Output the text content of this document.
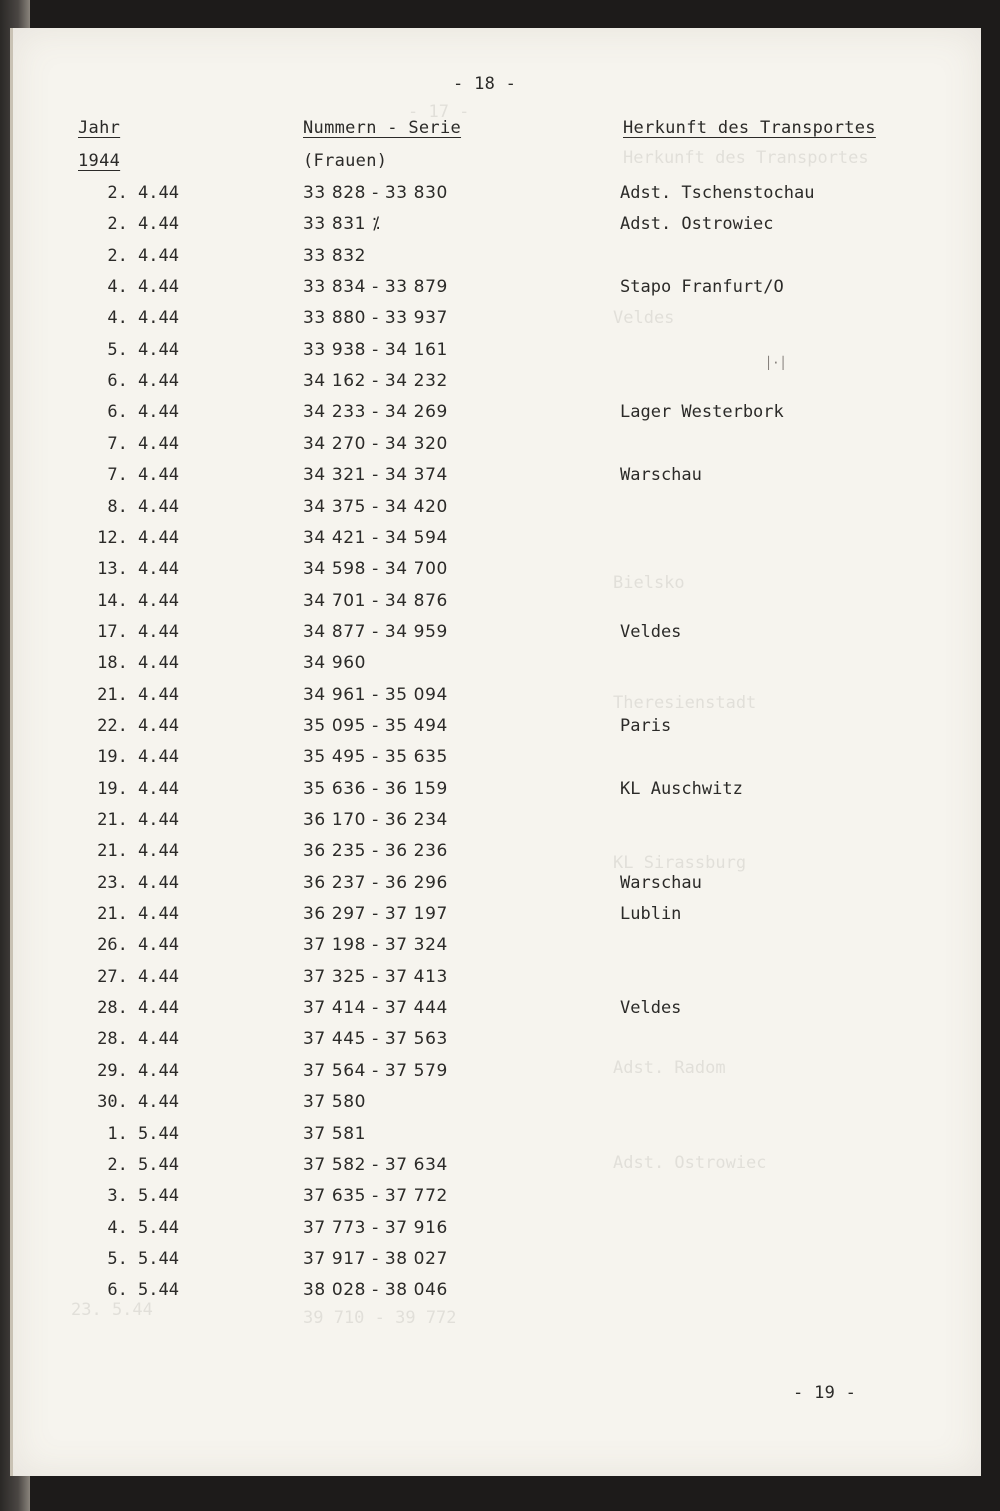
- 17 -
Herkunft des Transportes
Veldes
Bielsko
Theresienstadt
KL Sirassburg
Adst. Radom
Adst. Ostrowiec
23. 5.44	39 710 - 39 772
- 18 -
Jahr	Nummern - Serie	Herkunft des Transportes
1944	(Frauen)
2. 4.44	33 828 - 33 830	Adst. Tschenstochau
2. 4.44	33 831 ⁒	Adst. Ostrowiec
2. 4.44	33 832
4. 4.44	33 834 - 33 879	Stapo Franfurt/O
4. 4.44	33 880 - 33 937
5. 4.44	33 938 - 34 161
6. 4.44	34 162 - 34 232
6. 4.44	34 233 - 34 269	Lager Westerbork
7. 4.44	34 270 - 34 320
7. 4.44	34 321 - 34 374	Warschau
8. 4.44	34 375 - 34 420
12. 4.44	34 421 - 34 594
13. 4.44	34 598 - 34 700
14. 4.44	34 701 - 34 876
17. 4.44	34 877 - 34 959	Veldes
18. 4.44	34 960
21. 4.44	34 961 - 35 094
22. 4.44	35 095 - 35 494	Paris
19. 4.44	35 495 - 35 635
19. 4.44	35 636 - 36 159	KL Auschwitz
21. 4.44	36 170 - 36 234
21. 4.44	36 235 - 36 236
23. 4.44	36 237 - 36 296	Warschau
21. 4.44	36 297 - 37 197	Lublin
26. 4.44	37 198 - 37 324
27. 4.44	37 325 - 37 413
28. 4.44	37 414 - 37 444	Veldes
28. 4.44	37 445 - 37 563
29. 4.44	37 564 - 37 579
30. 4.44	37 580
1. 5.44	37 581
2. 5.44	37 582 - 37 634
3. 5.44	37 635 - 37 772
4. 5.44	37 773 - 37 916
5. 5.44	37 917 - 38 027
6. 5.44	38 028 - 38 046
│·│
- 19 -
